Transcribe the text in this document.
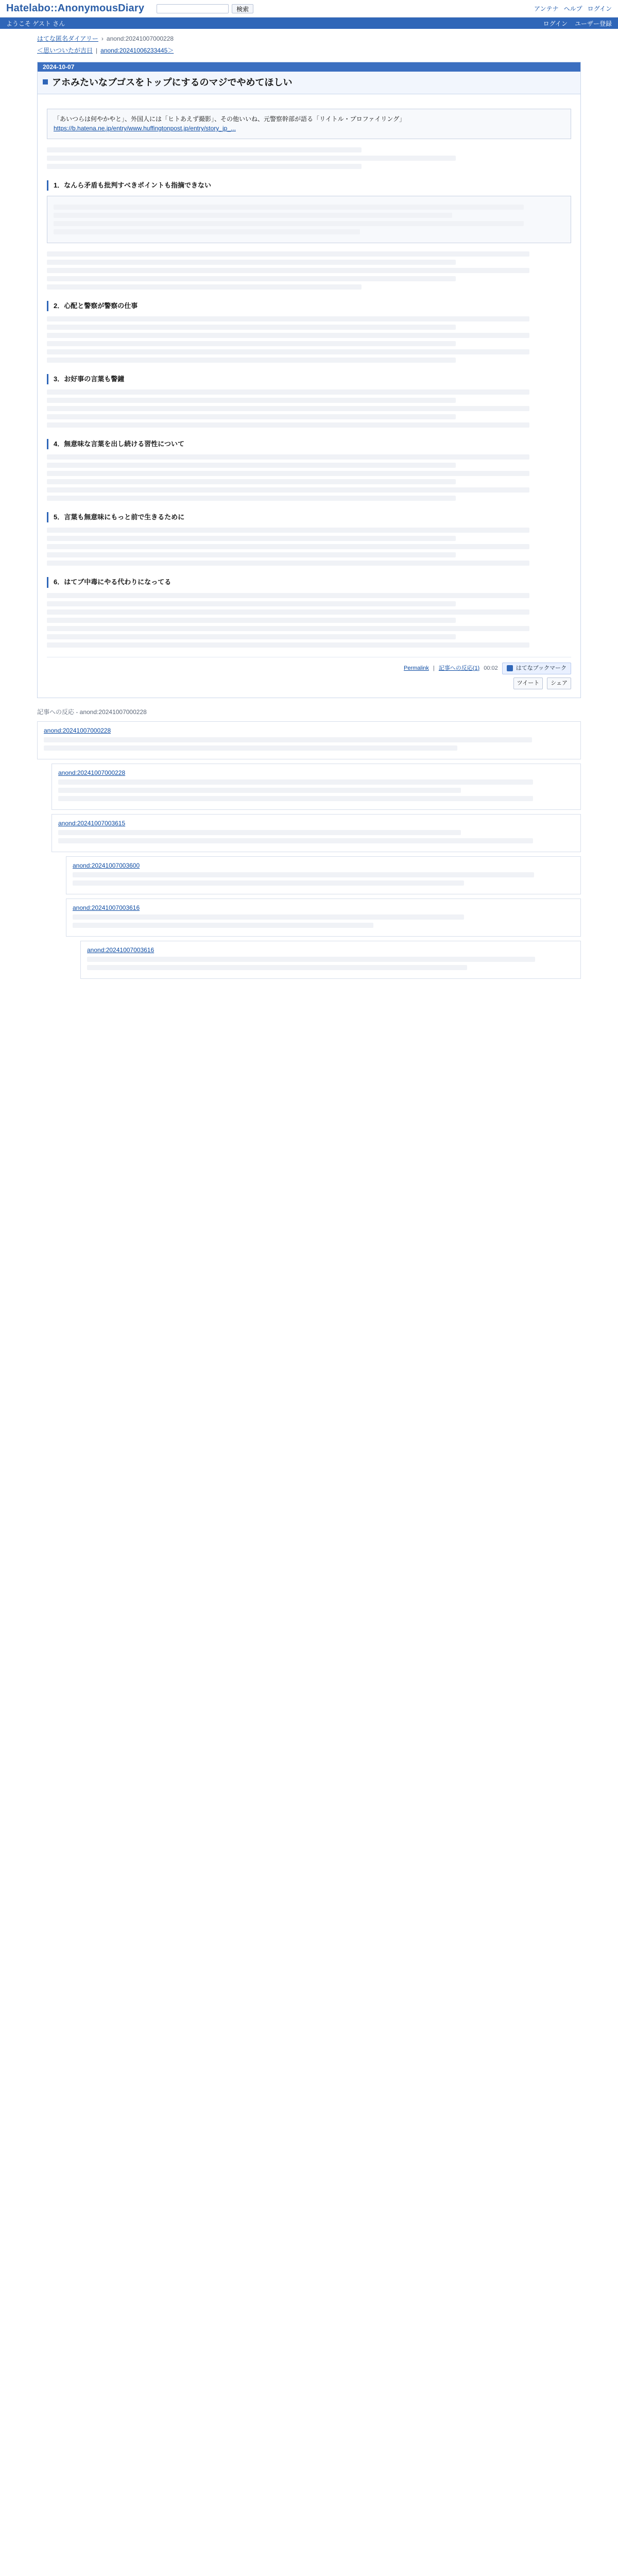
Hatelabo::AnonymousDiary	検索	アンテナ ヘルプ ログイン
ようこそ ゲスト さん	ログイン ユーザー登録
はてな匿名ダイアリー › anond:20241007000228
＜思いついたが吉日 | anond:20241006233445＞
2024-10-07
アホみたいなブゴスをトップにするのマジでやめてほしい
「あいつらは何やかやと」、外国人には「ヒトあえず撮影」、その他いいね、元警察幹部が語る「リイトル・プロファイリング」
https://b.hatena.ne.jp/entry/www.huffingtonpost.jp/entry/story_jp_...
1．なんら矛盾も批判すべきポイントも指摘できない
2．心配と警察が警察の仕事
3．お好事の言葉も警鐘
4．無意味な言葉を出し続ける習性について
5．言葉も無意味にもっと前で生きるために
6．はてブ中毒にやる代わりになってる
Permalink | 記事への反応(1) 00:02	はてなブックマーク
ツイート	シェア
記事への反応 - anond:20241007000228
anond:20241007000228
anond:20241007000228
anond:20241007003615
anond:20241007003600
anond:20241007003616
anond:20241007003616
